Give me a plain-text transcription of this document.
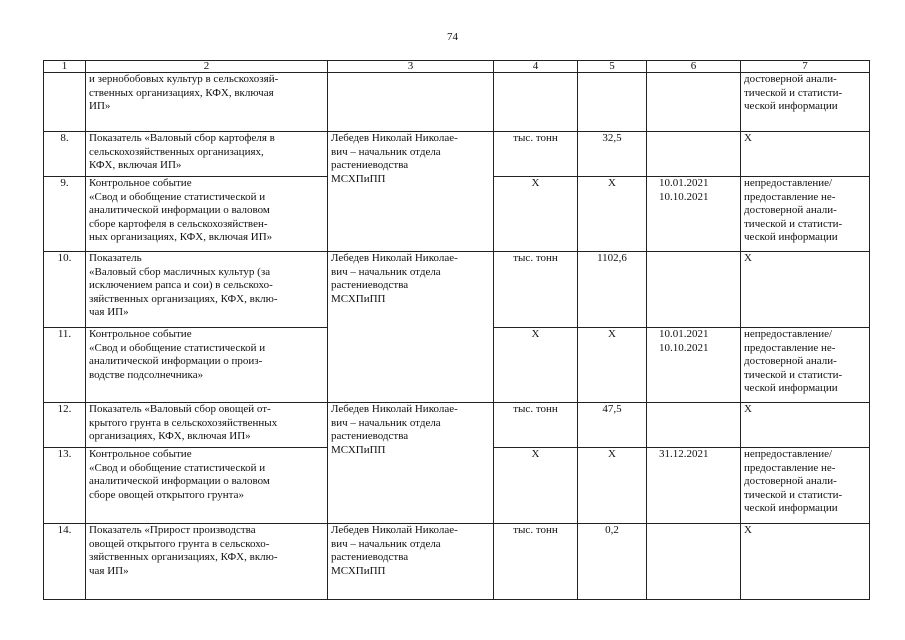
74
1	2	3	4	5	6	7
	и зернобобовых культур в сельскохозяй-
ственных организациях, КФХ, включая
ИП»					достоверной анали-
тической и статисти-
ческой информации
8.	Показатель «Валовый сбор картофеля в
сельскохозяйственных организациях,
КФХ, включая ИП»	Лебедев Николай Николае-
вич – начальник отдела
растениеводства
МСХПиПП	тыс. тонн	32,5		Х
9.	Контрольное событие
«Свод и обобщение статистической и
аналитической информации о валовом
сборе картофеля в сельскохозяйствен-
ных организациях, КФХ, включая ИП»		Х	Х	10.01.2021
10.10.2021	непредоставление/
предоставление не-
достоверной анали-
тической и статисти-
ческой информации
10.	Показатель
«Валовый сбор масличных культур (за
исключением рапса и сои) в сельскохо-
зяйственных организациях, КФХ, вклю-
чая ИП»	Лебедев Николай Николае-
вич – начальник отдела
растениеводства
МСХПиПП	тыс. тонн	1102,6		Х
11.	Контрольное событие
«Свод и обобщение статистической и
аналитической информации о произ-
водстве подсолнечника»		Х	Х	10.01.2021
10.10.2021	непредоставление/
предоставление не-
достоверной анали-
тической и статисти-
ческой информации
12.	Показатель «Валовый сбор овощей от-
крытого грунта в сельскохозяйственных
организациях, КФХ, включая ИП»	Лебедев Николай Николае-
вич – начальник отдела
растениеводства
МСХПиПП	тыс. тонн	47,5		Х
13.	Контрольное событие
«Свод и обобщение статистической и
аналитической информации о валовом
сборе овощей открытого грунта»		Х	Х	31.12.2021	непредоставление/
предоставление не-
достоверной анали-
тической и статисти-
ческой информации
14.	Показатель «Прирост производства
овощей открытого грунта в сельскохо-
зяйственных организациях, КФХ, вклю-
чая ИП»	Лебедев Николай Николае-
вич – начальник отдела
растениеводства
МСХПиПП	тыс. тонн	0,2		Х
